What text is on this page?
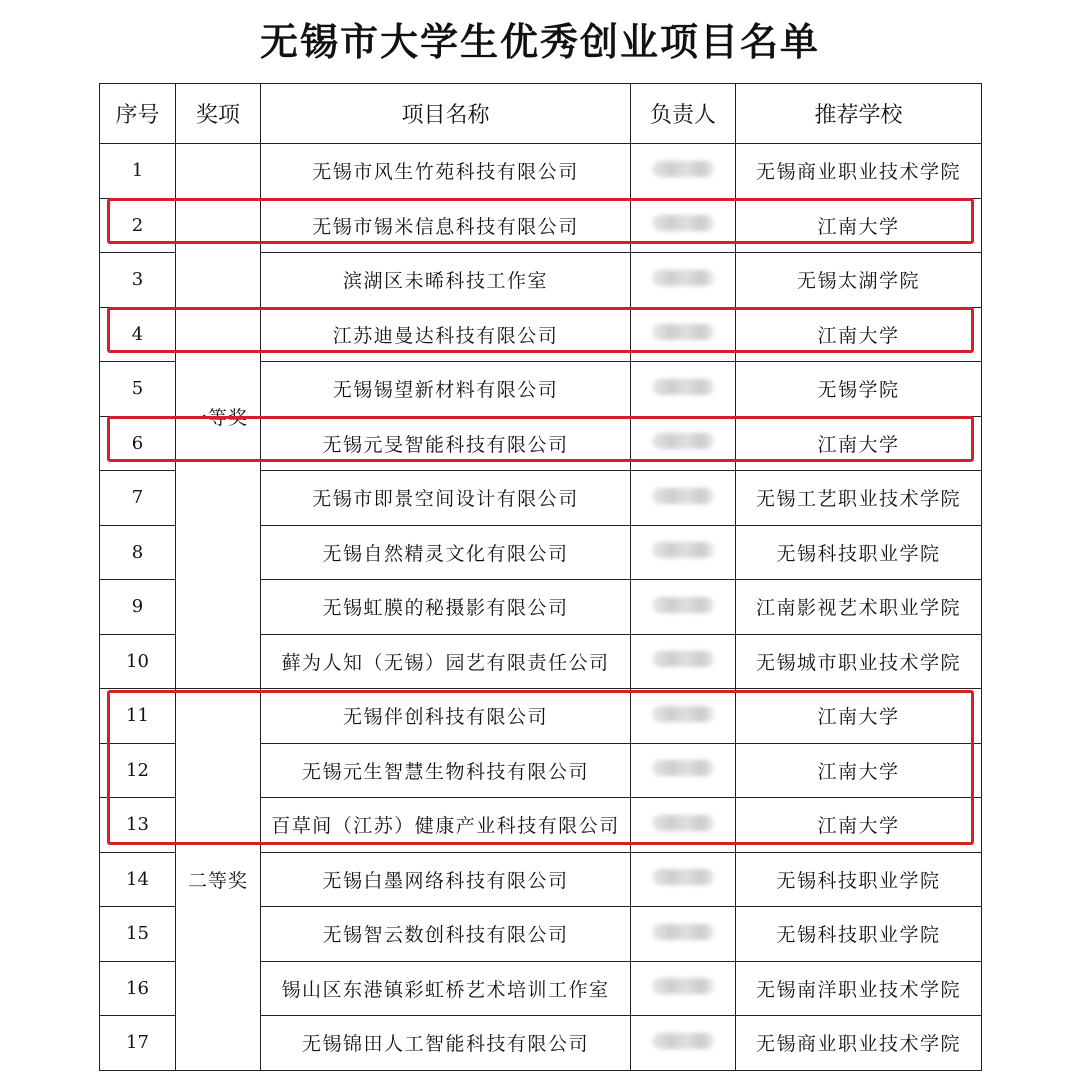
无锡市大学生优秀创业项目名单
序号	奖项	项目名称	负责人	推荐学校
1	一等奖	无锡市风生竹苑科技有限公司		无锡商业职业技术学院
2		无锡市锡米信息科技有限公司		江南大学
3		滨湖区未晞科技工作室		无锡太湖学院
4		江苏迪曼达科技有限公司		江南大学
5		无锡锡望新材料有限公司		无锡学院
6		无锡元旻智能科技有限公司		江南大学
7		无锡市即景空间设计有限公司		无锡工艺职业技术学院
8		无锡自然精灵文化有限公司		无锡科技职业学院
9		无锡虹膜的秘摄影有限公司		江南影视艺术职业学院
10		藓为人知（无锡）园艺有限责任公司		无锡城市职业技术学院
11	二等奖	无锡伴创科技有限公司		江南大学
12		无锡元生智慧生物科技有限公司		江南大学
13		百草间（江苏）健康产业科技有限公司		江南大学
14		无锡白墨网络科技有限公司		无锡科技职业学院
15		无锡智云数创科技有限公司		无锡科技职业学院
16		锡山区东港镇彩虹桥艺术培训工作室		无锡南洋职业技术学院
17		无锡锦田人工智能科技有限公司		无锡商业职业技术学院
